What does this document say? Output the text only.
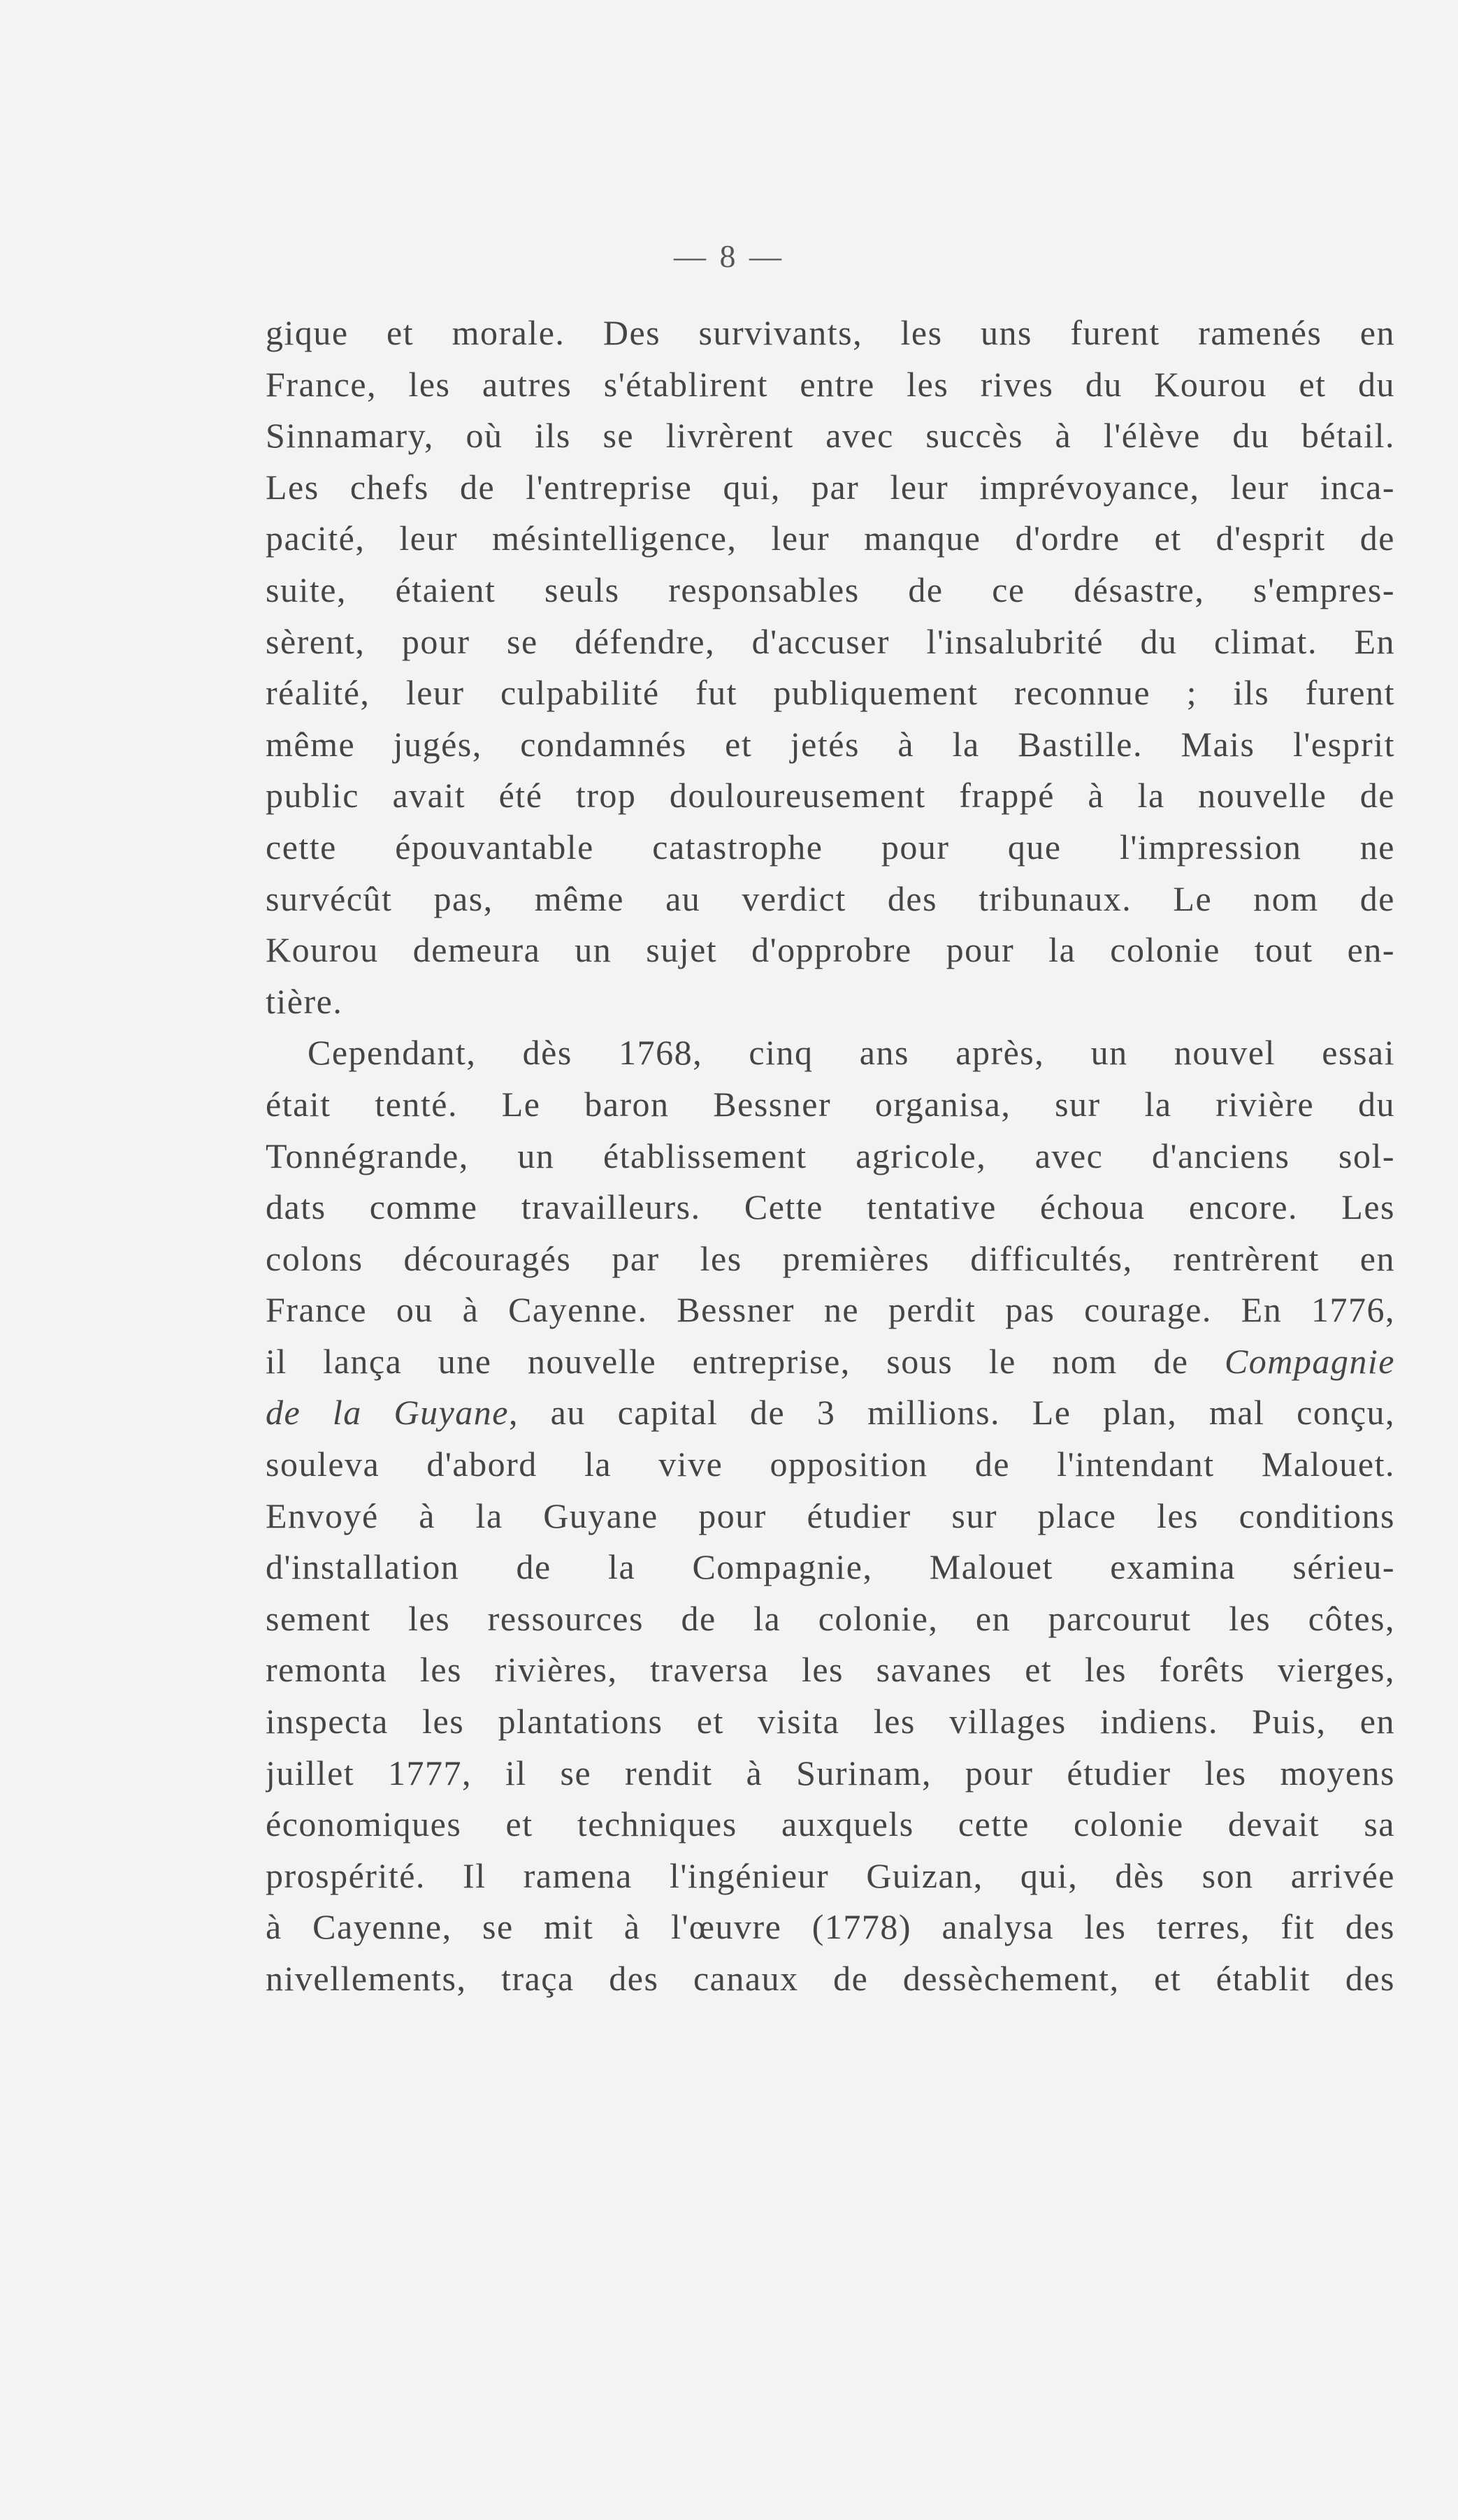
— 8 —
gique et morale. Des survivants, les uns furent ramenés en
France, les autres s'établirent entre les rives du Kourou et du
Sinnamary, où ils se livrèrent avec succès à l'élève du bétail.
Les chefs de l'entreprise qui, par leur imprévoyance, leur inca-
pacité, leur mésintelligence, leur manque d'ordre et d'esprit de
suite, étaient seuls responsables de ce désastre, s'empres-
sèrent, pour se défendre, d'accuser l'insalubrité du climat. En
réalité, leur culpabilité fut publiquement reconnue ; ils furent
même jugés, condamnés et jetés à la Bastille. Mais l'esprit
public avait été trop douloureusement frappé à la nouvelle de
cette épouvantable catastrophe pour que l'impression ne
survécût pas, même au verdict des tribunaux. Le nom de
Kourou demeura un sujet d'opprobre pour la colonie tout en-
tière.
Cependant, dès 1768, cinq ans après, un nouvel essai
était tenté. Le baron Bessner organisa, sur la rivière du
Tonnégrande, un établissement agricole, avec d'anciens sol-
dats comme travailleurs. Cette tentative échoua encore. Les
colons découragés par les premières difficultés, rentrèrent en
France ou à Cayenne. Bessner ne perdit pas courage. En 1776,
il lança une nouvelle entreprise, sous le nom de Compagnie
de la Guyane, au capital de 3 millions. Le plan, mal conçu,
souleva d'abord la vive opposition de l'intendant Malouet.
Envoyé à la Guyane pour étudier sur place les conditions
d'installation de la Compagnie, Malouet examina sérieu-
sement les ressources de la colonie, en parcourut les côtes,
remonta les rivières, traversa les savanes et les forêts vierges,
inspecta les plantations et visita les villages indiens. Puis, en
juillet 1777, il se rendit à Surinam, pour étudier les moyens
économiques et techniques auxquels cette colonie devait sa
prospérité. Il ramena l'ingénieur Guizan, qui, dès son arrivée
à Cayenne, se mit à l'œuvre (1778) analysa les terres, fit des
nivellements, traça des canaux de dessèchement, et établit des
